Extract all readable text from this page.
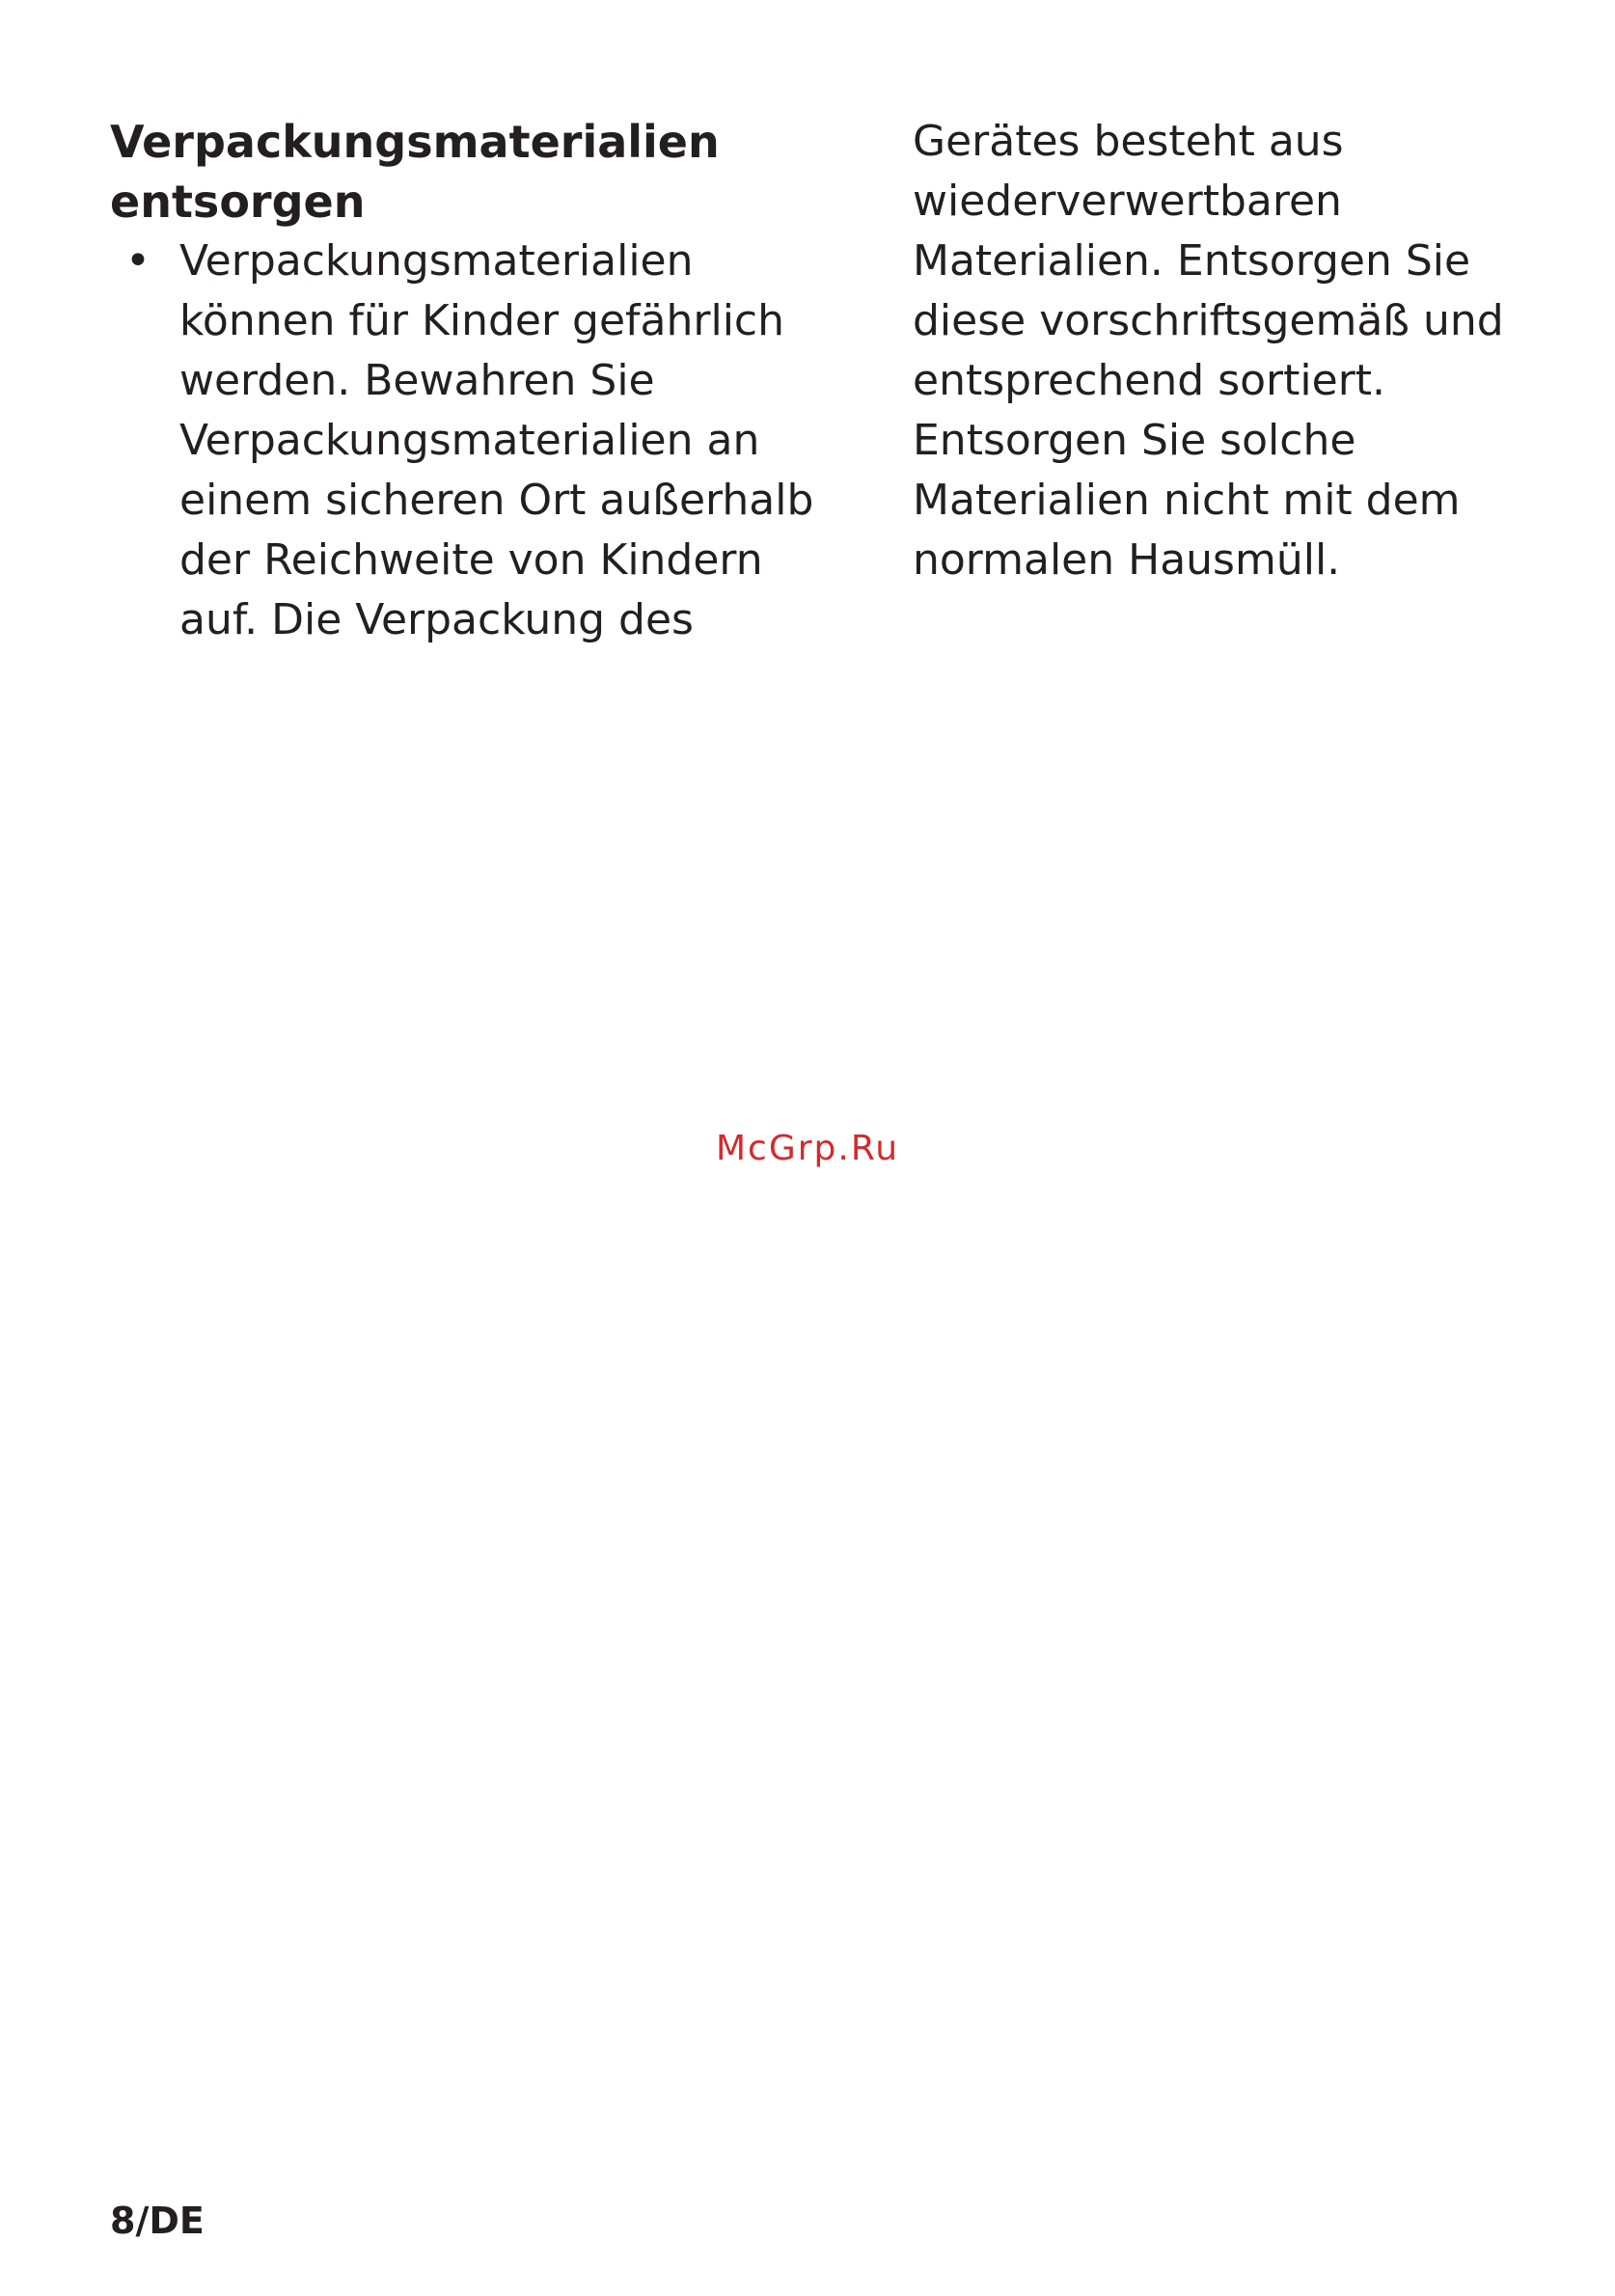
Verpackungsmaterialien
entsorgen
• Verpackungsmaterialien
können für Kinder gefährlich
werden. Bewahren Sie
Verpackungsmaterialien an
einem sicheren Ort außerhalb
der Reichweite von Kindern
auf. Die Verpackung des
Gerätes besteht aus
wiederverwertbaren
Materialien. Entsorgen Sie
diese vorschriftsgemäß und
entsprechend sortiert.
Entsorgen Sie solche
Materialien nicht mit dem
normalen Hausmüll.
McGrp.Ru
8/DE
